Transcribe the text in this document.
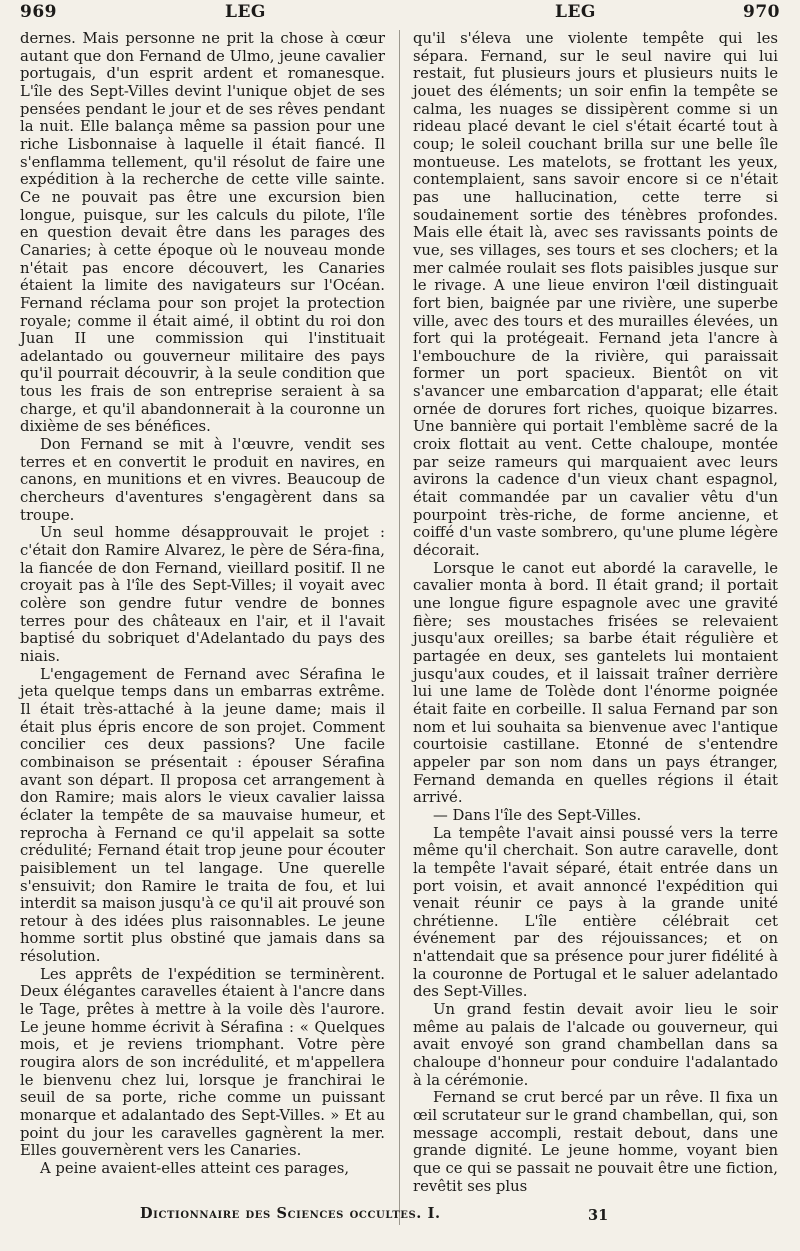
969	LEG	LEG	970

dernes. Mais personne ne prit la chose à cœur autant que don Fernand de Ulmo, jeune cavalier portugais, d'un esprit ardent et romanesque. L'île des Sept-Villes devint l'unique objet de ses pensées pendant le jour et de ses rêves pendant la nuit. Elle balança même sa passion pour une riche Lisbonnaise à laquelle il était fiancé. Il s'enflamma tellement, qu'il résolut de faire une expédition à la recherche de cette ville sainte. Ce ne pouvait pas être une excursion bien longue, puisque, sur les calculs du pilote, l'île en question devait être dans les parages des Canaries; à cette époque où le nouveau monde n'était pas encore découvert, les Canaries étaient la limite des navigateurs sur l'Océan. Fernand réclama pour son projet la protection royale; comme il était aimé, il obtint du roi don Juan II une commission qui l'instituait adelantado ou gouverneur militaire des pays qu'il pourrait découvrir, à la seule condition que tous les frais de son entreprise seraient à sa charge, et qu'il abandonnerait à la couronne un dixième de ses bénéfices.

Don Fernand se mit à l'œuvre, vendit ses terres et en convertit le produit en navires, en canons, en munitions et en vivres. Beaucoup de chercheurs d'aventures s'engagèrent dans sa troupe.

Un seul homme désapprouvait le projet : c'était don Ramire Alvarez, le père de Séra-fina, la fiancée de don Fernand, vieillard positif. Il ne croyait pas à l'île des Sept-Villes; il voyait avec colère son gendre futur vendre de bonnes terres pour des châteaux en l'air, et il l'avait baptisé du sobriquet d'Adelantado du pays des niais.

L'engagement de Fernand avec Sérafina le jeta quelque temps dans un embarras extrême. Il était très-attaché à la jeune dame; mais il était plus épris encore de son projet. Comment concilier ces deux passions? Une facile combinaison se présentait : épouser Sérafina avant son départ. Il proposa cet arrangement à don Ramire; mais alors le vieux cavalier laissa éclater la tempête de sa mauvaise humeur, et reprocha à Fernand ce qu'il appelait sa sotte crédulité; Fernand était trop jeune pour écouter paisiblement un tel langage. Une querelle s'ensuivit; don Ramire le traita de fou, et lui interdit sa maison jusqu'à ce qu'il ait prouvé son retour à des idées plus raisonnables. Le jeune homme sortit plus obstiné que jamais dans sa résolution.

Les apprêts de l'expédition se terminèrent. Deux élégantes caravelles étaient à l'ancre dans le Tage, prêtes à mettre à la voile dès l'aurore. Le jeune homme écrivit à Sérafina : « Quelques mois, et je reviens triomphant. Votre père rougira alors de son incrédulité, et m'appellera le bienvenu chez lui, lorsque je franchirai le seuil de sa porte, riche comme un puissant monarque et adalantado des Sept-Villes. » Et au point du jour les caravelles gagnèrent la mer. Elles gouvernèrent vers les Canaries.

A peine avaient-elles atteint ces parages,

qu'il s'éleva une violente tempête qui les sépara. Fernand, sur le seul navire qui lui restait, fut plusieurs jours et plusieurs nuits le jouet des éléments; un soir enfin la tempête se calma, les nuages se dissipèrent comme si un rideau placé devant le ciel s'était écarté tout à coup; le soleil couchant brilla sur une belle île montueuse. Les matelots, se frottant les yeux, contemplaient, sans savoir encore si ce n'était pas une hallucination, cette terre si soudainement sortie des ténèbres profondes. Mais elle était là, avec ses ravissants points de vue, ses villages, ses tours et ses clochers; et la mer calmée roulait ses flots paisibles jusque sur le rivage. A une lieue environ l'œil distinguait fort bien, baignée par une rivière, une superbe ville, avec des tours et des murailles élevées, un fort qui la protégeait. Fernand jeta l'ancre à l'embouchure de la rivière, qui paraissait former un port spacieux. Bientôt on vit s'avancer une embarcation d'apparat; elle était ornée de dorures fort riches, quoique bizarres. Une bannière qui portait l'emblème sacré de la croix flottait au vent. Cette chaloupe, montée par seize rameurs qui marquaient avec leurs avirons la cadence d'un vieux chant espagnol, était commandée par un cavalier vêtu d'un pourpoint très-riche, de forme ancienne, et coiffé d'un vaste sombrero, qu'une plume légère décorait.

Lorsque le canot eut abordé la caravelle, le cavalier monta à bord. Il était grand; il portait une longue figure espagnole avec une gravité fière; ses moustaches frisées se relevaient jusqu'aux oreilles; sa barbe était régulière et partagée en deux, ses gantelets lui montaient jusqu'aux coudes, et il laissait traîner derrière lui une lame de Tolède dont l'énorme poignée était faite en corbeille. Il salua Fernand par son nom et lui souhaita sa bienvenue avec l'antique courtoisie castillane. Etonné de s'entendre appeler par son nom dans un pays étranger, Fernand demanda en quelles régions il était arrivé.

— Dans l'île des Sept-Villes.

La tempête l'avait ainsi poussé vers la terre même qu'il cherchait. Son autre caravelle, dont la tempête l'avait séparé, était entrée dans un port voisin, et avait annoncé l'expédition qui venait réunir ce pays à la grande unité chrétienne. L'île entière célébrait cet événement par des réjouissances; et on n'attendait que sa présence pour jurer fidélité à la couronne de Portugal et le saluer adelantado des Sept-Villes.

Un grand festin devait avoir lieu le soir même au palais de l'alcade ou gouverneur, qui avait envoyé son grand chambellan dans sa chaloupe d'honneur pour conduire l'adalantado à la cérémonie.

Fernand se crut bercé par un rêve. Il fixa un œil scrutateur sur le grand chambellan, qui, son message accompli, restait debout, dans une grande dignité. Le jeune homme, voyant bien que ce qui se passait ne pouvait être une fiction, revêtit ses plus

Dictionnaire des Sciences occultes. I.	31
